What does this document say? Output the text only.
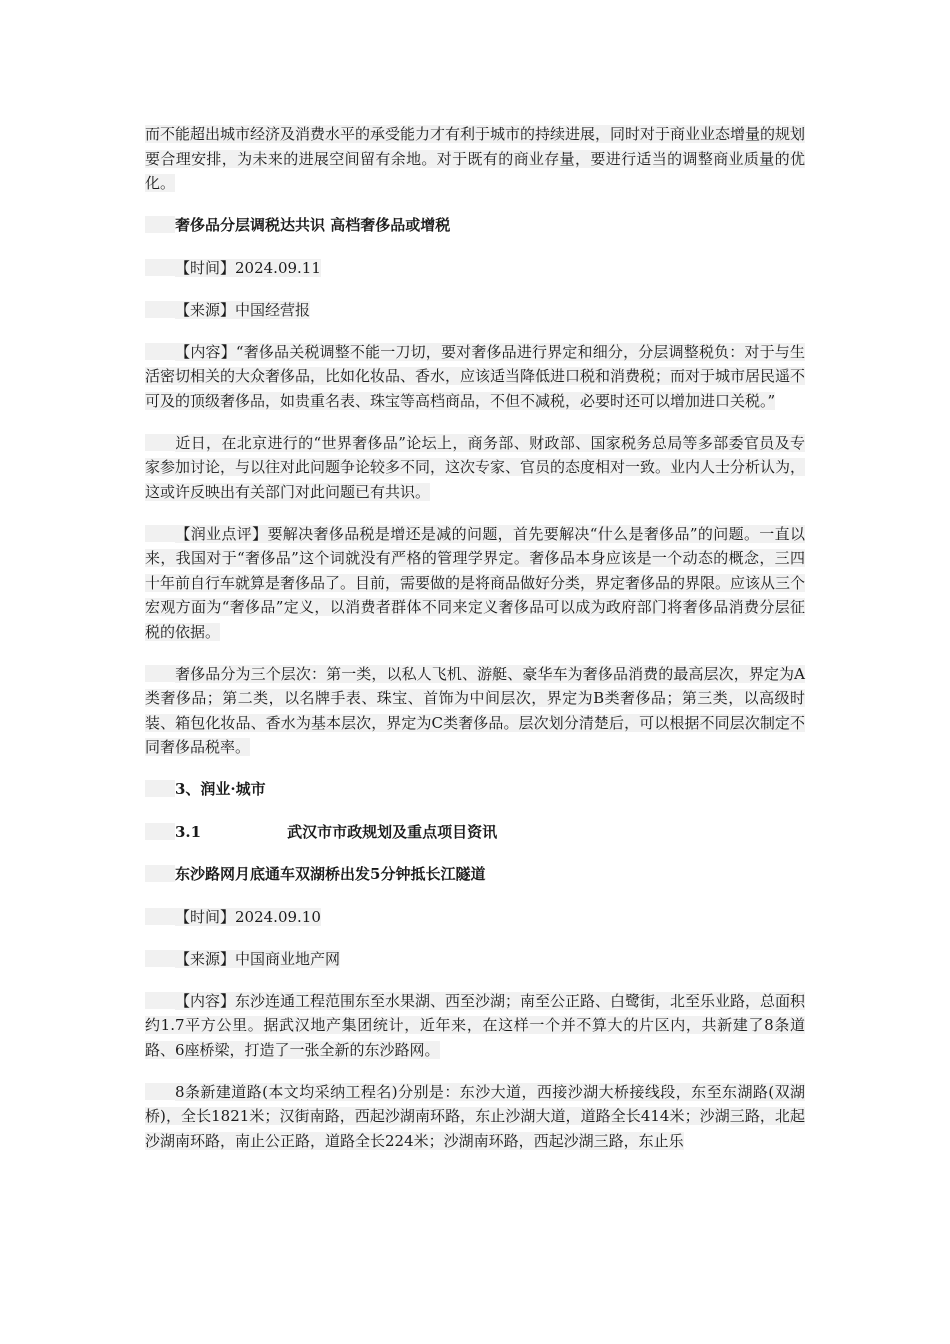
而不能超出城市经济及消费水平的承受能力才有利于城市的持续进展，同时对于商业业态增量的规划要合理安排，为未来的进展空间留有余地。对于既有的商业存量，要进行适当的调整商业质量的优化。

奢侈品分层调税达共识 高档奢侈品或增税

【时间】2024.09.11

【来源】中国经营报

【内容】“奢侈品关税调整不能一刀切，要对奢侈品进行界定和细分，分层调整税负：对于与生活密切相关的大众奢侈品，比如化妆品、香水，应该适当降低进口税和消费税；而对于城市居民遥不可及的顶级奢侈品，如贵重名表、珠宝等高档商品，不但不减税，必要时还可以增加进口关税。”

近日，在北京进行的“世界奢侈品”论坛上，商务部、财政部、国家税务总局等多部委官员及专家参加讨论，与以往对此问题争论较多不同，这次专家、官员的态度相对一致。业内人士分析认为，这或许反映出有关部门对此问题已有共识。

【润业点评】要解决奢侈品税是增还是减的问题，首先要解决“什么是奢侈品”的问题。一直以来，我国对于“奢侈品”这个词就没有严格的管理学界定。奢侈品本身应该是一个动态的概念，三四十年前自行车就算是奢侈品了。目前，需要做的是将商品做好分类，界定奢侈品的界限。应该从三个宏观方面为“奢侈品”定义，以消费者群体不同来定义奢侈品可以成为政府部门将奢侈品消费分层征税的依据。

奢侈品分为三个层次：第一类，以私人飞机、游艇、豪华车为奢侈品消费的最高层次，界定为A类奢侈品；第二类，以名牌手表、珠宝、首饰为中间层次，界定为B类奢侈品；第三类，以高级时装、箱包化妆品、香水为基本层次，界定为C类奢侈品。层次划分清楚后，可以根据不同层次制定不同奢侈品税率。

3、润业·城市

3.1	武汉市市政规划及重点项目资讯

东沙路网月底通车双湖桥出发5分钟抵长江隧道

【时间】2024.09.10

【来源】中国商业地产网

【内容】东沙连通工程范围东至水果湖、西至沙湖；南至公正路、白鹭街，北至乐业路，总面积约1.7平方公里。据武汉地产集团统计，近年来，在这样一个并不算大的片区内，共新建了8条道路、6座桥梁，打造了一张全新的东沙路网。

8条新建道路(本文均采纳工程名)分别是：东沙大道，西接沙湖大桥接线段，东至东湖路(双湖桥)，全长1821米；汉街南路，西起沙湖南环路，东止沙湖大道，道路全长414米；沙湖三路，北起沙湖南环路，南止公正路，道路全长224米；沙湖南环路，西起沙湖三路，东止乐
